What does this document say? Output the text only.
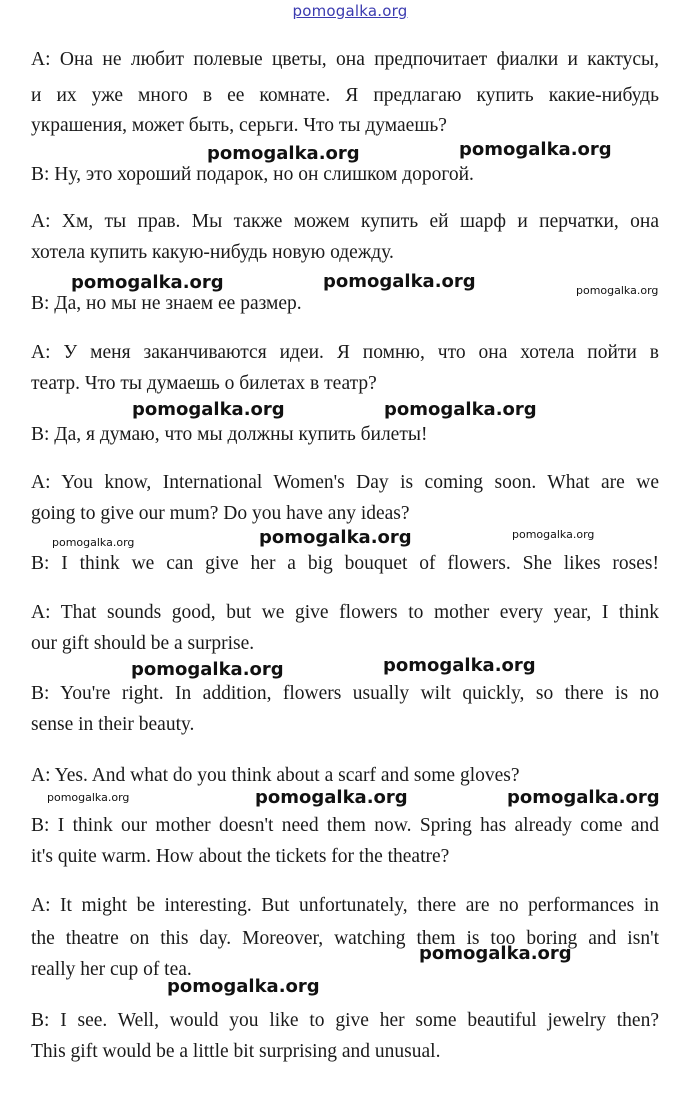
pomogalka.org
А: Она не любит полевые цветы, она предпочитает фиалки и кактусы,
и их уже много в ее комнате. Я предлагаю купить какие-нибудь
украшения, может быть, серьги. Что ты думаешь?
В: Ну, это хороший подарок, но он слишком дорогой.
А: Хм, ты прав. Мы также можем купить ей шарф и перчатки, она
хотела купить какую-нибудь новую одежду.
В: Да, но мы не знаем ее размер.
А: У меня заканчиваются идеи. Я помню, что она хотела пойти в
театр. Что ты думаешь о билетах в театр?
В: Да, я думаю, что мы должны купить билеты!
A: You know, International Women's Day is coming soon. What are we
going to give our mum? Do you have any ideas?
B: I think we can give her a big bouquet of flowers. She likes roses!
A: That sounds good, but we give flowers to mother every year, I think
our gift should be a surprise.
B: You're right. In addition, flowers usually wilt quickly, so there is no
sense in their beauty.
A: Yes. And what do you think about a scarf and some gloves?
B: I think our mother doesn't need them now. Spring has already come and
it's quite warm. How about the tickets for the theatre?
A: It might be interesting. But unfortunately, there are no performances in
the theatre on this day. Moreover, watching them is too boring and isn't
really her cup of tea.
B: I see. Well, would you like to give her some beautiful jewelry then?
This gift would be a little bit surprising and unusual.
pomogalka.org	pomogalka.org
pomogalka.org	pomogalka.org	pomogalka.org
pomogalka.org	pomogalka.org
pomogalka.org	pomogalka.org	pomogalka.org
pomogalka.org	pomogalka.org
pomogalka.org	pomogalka.org	pomogalka.org
pomogalka.org
pomogalka.org
